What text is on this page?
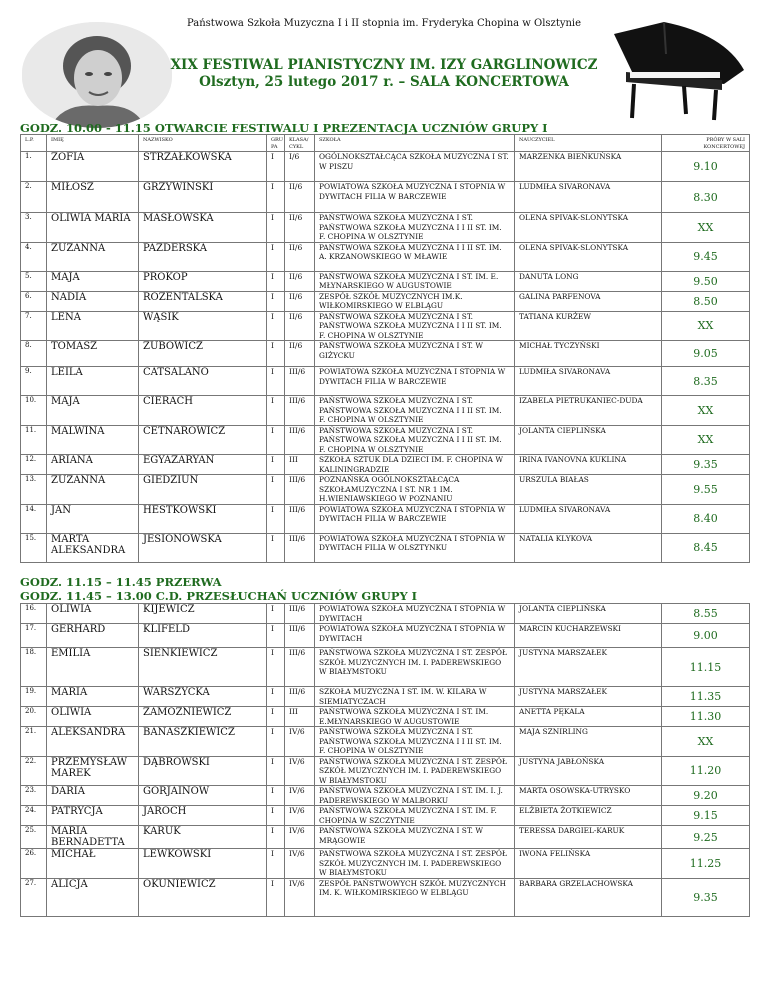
Państwowa Szkoła Muzyczna I i II stopnia im. Fryderyka Chopina w Olsztynie
XIX FESTIWAL PIANISTYCZNY IM. IZY GARGLINOWICZ
Olsztyn, 25 lutego 2017 r. – SALA KONCERTOWA
GODZ. 10.00 - 11.15 OTWARCIE FESTIWALU I PREZENTACJA UCZNIÓW GRUPY I
L.P.	IMIĘ	NAZWISKO	GRU PA	KLASA/ CYKL	SZKOŁA	NAUCZYCIEL	PRÓBY W SALI KONCERTOWEJ
1.	ZOFIA	STRZAŁKOWSKA	I	I/6	OGÓLNOKSZTAŁCĄCA SZKOŁA MUZYCZNA I ST. W PISZU	MARZENKA BIEŃKUŃSKA	9.10
2.	MIŁOSZ	GRZYWIŃSKI	I	II/6	POWIATOWA SZKOŁA MUZYCZNA I STOPNIA W DYWITACH FILIA W BARCZEWIE	LUDMIŁA SIVARONAVA	8.30
3.	OLIWIA MARIA	MASŁOWSKA	I	II/6	PAŃSTWOWA SZKOŁA MUZYCZNA I ST. PAŃSTWOWA SZKOŁA MUZYCZNA I I II ST. IM. F. CHOPINA W OLSZTYNIE	OLENA SPIVAK-SLONYTSKA	XX
4.	ZUZANNA	PAZDERSKA	I	II/6	PAŃSTWOWA SZKOŁA MUZYCZNA I I II ST. IM. A. KRZANOWSKIEGO W MŁAWIE	OLENA SPIVAK-SLONYTSKA	9.45
5.	MAJA	PROKOP	I	II/6	PAŃSTWOWA SZKOŁA MUZYCZNA I ST. IM. E. MŁYNARSKIEGO W AUGUSTOWIE	DANUTA LONG	9.50
6.	NADIA	ROŻENTALSKA	I	II/6	ZESPÓŁ SZKÓŁ MUZYCZNYCH IM.K. WIŁKOMIRSKIEGO W ELBLĄGU	GALINA PARFENOVA	8.50
7.	LENA	WĄSIK	I	II/6	PAŃSTWOWA SZKOŁA MUZYCZNA I ST. PAŃSTWOWA SZKOŁA MUZYCZNA I I II ST. IM. F. CHOPINA W OLSZTYNIE	TATIANA KURŻEW	XX
8.	TOMASZ	ZUBOWICZ	I	II/6	PAŃSTWOWA SZKOŁA MUZYCZNA I ST. W GIŻYCKU	MICHAŁ TYCZYŃSKI	9.05
9.	LEILA	CATSALANO	I	III/6	POWIATOWA SZKOŁA MUZYCZNA I STOPNIA W DYWITACH FILIA W BARCZEWIE	LUDMIŁA SIVARONAVA	8.35
10.	MAJA	CIERACH	I	III/6	PAŃSTWOWA SZKOŁA MUZYCZNA I ST. PAŃSTWOWA SZKOŁA MUZYCZNA I I II ST. IM. F. CHOPINA W OLSZTYNIE	IZABELA PIETRUKANIEC-DUDA	XX
11.	MALWINA	CETNAROWICZ	I	III/6	PAŃSTWOWA SZKOŁA MUZYCZNA I ST. PAŃSTWOWA SZKOŁA MUZYCZNA I I II ST. IM. F. CHOPINA W OLSZTYNIE	JOLANTA CIEPLIŃSKA	XX
12.	ARIANA	EGYAZARYAN	I	III	SZKOŁA SZTUK DLA DZIECI IM. F. CHOPINA W KALININGRADZIE	IRINA IVANOVNA KUKLINA	9.35
13.	ZUZANNA	GIEDZIUN	I	III/6	POZNAŃSKA OGÓLNOKSZTAŁCĄCA SZKOŁAMUZYCZNA I ST. NR 1 IM. H.WIENIAWSKIEGO W POZNANIU	URSZULA BIAŁAS	9.55
14.	JAN	HESTKOWSKI	I	III/6	POWIATOWA SZKOŁA MUZYCZNA I STOPNIA W DYWITACH FILIA W BARCZEWIE	LUDMIŁA SIVARONAVA	8.40
15.	MARTA ALEKSANDRA	JESIONOWSKA	I	III/6	POWIATOWA SZKOŁA MUZYCZNA I STOPNIA W DYWITACH FILIA W OLSZTYNKU	NATALIA KLYKOVA	8.45
GODZ. 11.15 – 11.45 PRZERWA
GODZ. 11.45 – 13.00 C.D. PRZESŁUCHAŃ UCZNIÓW GRUPY I
16.	OLIWIA	KIJEWICZ	I	III/6	POWIATOWA SZKOŁA MUZYCZNA I STOPNIA W DYWITACH	JOLANTA CIEPLIŃSKA	8.55
17.	GERHARD	KLIFELD	I	III/6	POWIATOWA SZKOŁA MUZYCZNA I STOPNIA W DYWITACH	MARCIN KUCHARZEWSKI	9.00
18.	EMILIA	SIENKIEWICZ	I	III/6	PAŃSTWOWA SZKOŁA MUZYCZNA I ST. ZESPÓŁ SZKÓŁ MUZYCZNYCH IM. I. PADEREWSKIEGO W BIAŁYMSTOKU	JUSTYNA MARSZAŁEK	11.15
19.	MARIA	WARSZYCKA	I	III/6	SZKOŁA MUZYCZNA I ST. IM. W. KILARA W SIEMIATYCZACH	JUSTYNA MARSZAŁEK	11.35
20.	OLIWIA	ZAMOŻNIEWICZ	I	III	PAŃSTWOWA SZKOŁA MUZYCZNA I ST. IM. E.MŁYNARSKIEGO W AUGUSTOWIE	ANETTA PĘKALA	11.30
21.	ALEKSANDRA	BANASZKIEWICZ	I	IV/6	PAŃSTWOWA SZKOŁA MUZYCZNA I ST. PAŃSTWOWA SZKOŁA MUZYCZNA I I II ST. IM. F. CHOPINA W OLSZTYNIE	MAJA SZNIRLING	XX
22.	PRZEMYSŁAW MAREK	DĄBROWSKI	I	IV/6	PAŃSTWOWA SZKOŁA MUZYCZNA I ST. ZESPÓŁ SZKÓŁ MUZYCZNYCH IM. I. PADEREWSKIEGO W BIAŁYMSTOKU	JUSTYNA JABŁOŃSKA	11.20
23.	DARIA	GORJAINOW	I	IV/6	PAŃSTWOWA SZKOŁA MUZYCZNA I ST. IM. I. J. PADEREWSKIEGO W MALBORKU	MARTA OSOWSKA-UTRYSKO	9.20
24.	PATRYCJA	JAROCH	I	IV/6	PAŃSTWOWA SZKOŁA MUZYCZNA I ST. IM. F. CHOPINA W SZCZYTNIE	ELŻBIETA ŻOTKIEWICZ	9.15
25.	MARIA BERNADETTA	KARUK	I	IV/6	PAŃSTWOWA SZKOŁA MUZYCZNA I ST. W MRĄGOWIE	TERESSA DARGIEL-KARUK	9.25
26.	MICHAŁ	LEWKOWSKI	I	IV/6	PAŃSTWOWA SZKOŁA MUZYCZNA I ST. ZESPÓŁ SZKÓŁ MUZYCZNYCH IM. I. PADEREWSKIEGO W BIAŁYMSTOKU	IWONA FELIŃSKA	11.25
27.	ALICJA	OKUNIEWICZ	I	IV/6	ZESPÓŁ PAŃSTWOWYCH SZKÓŁ MUZYCZNYCH IM. K. WIŁKOMIRSKIEGO W ELBLĄGU	BARBARA GRZELACHOWSKA	9.35
